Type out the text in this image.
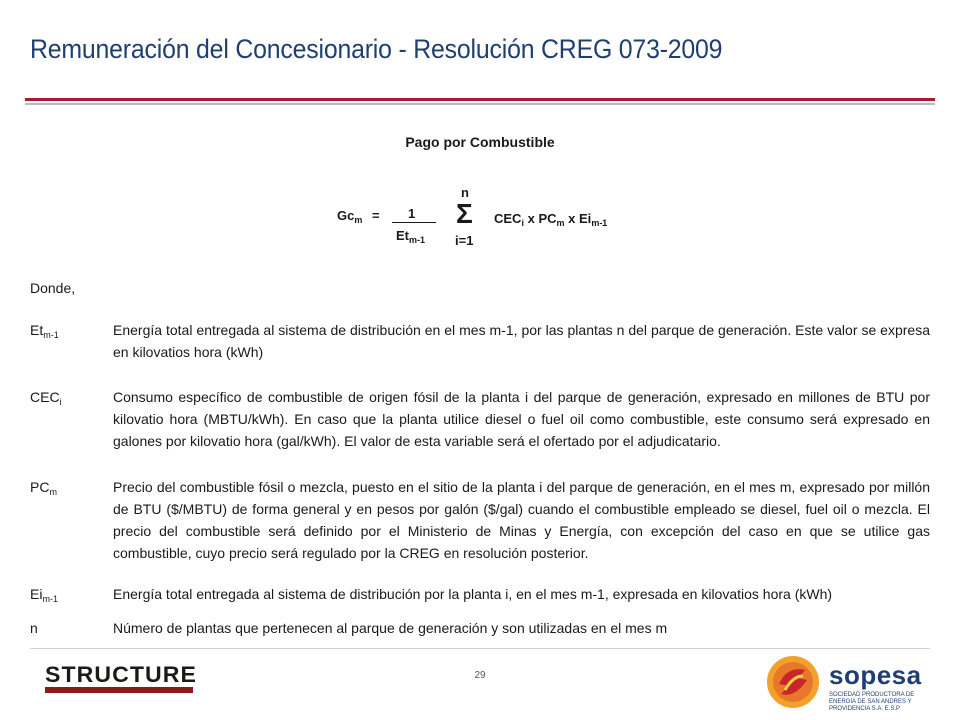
Remuneración del Concesionario - Resolución CREG 073-2009
Pago por Combustible
$Gc_m = 1$
$Et_{m-1}$
n
Σ
i=1
$CEC_i$ x $PC_m$ x $Ei_{m-1}$
Donde,
$Et_{m-1}$	Energía total entregada al sistema de distribución en el mes m-1, por las plantas n del parque de generación. Este valor se expresa en kilovatios hora (kWh)
$CEC_i$	Consumo específico de combustible de origen fósil de la planta i del parque de generación, expresado en millones de BTU por kilovatio hora (MBTU/kWh). En caso que la planta utilice diesel o fuel oil como combustible, este consumo será expresado en galones por kilovatio hora (gal/kWh). El valor de esta variable será el ofertado por el adjudicatario.
$PC_m$	Precio del combustible fósil o mezcla, puesto en el sitio de la planta i del parque de generación, en el mes m, expresado por millón de BTU ($/MBTU) de forma general y en pesos por galón ($/gal) cuando el combustible empleado se diesel, fuel oil o mezcla. El precio del combustible será definido por el Ministerio de Minas y Energía, con excepción del caso en que se utilice gas combustible, cuyo precio será regulado por la CREG en resolución posterior.
$Ei_{m-1}$	Energía total entregada al sistema de distribución por la planta i, en el mes m-1, expresada en kilovatios hora (kWh)
n	Número de plantas que pertenecen al parque de generación y son utilizadas en el mes m
29
STRUCTURE	sopesa
SOCIEDAD PRODUCTORA DE ENERGIA DE SAN ANDRES Y PROVIDENCIA S.A. E.S.P
